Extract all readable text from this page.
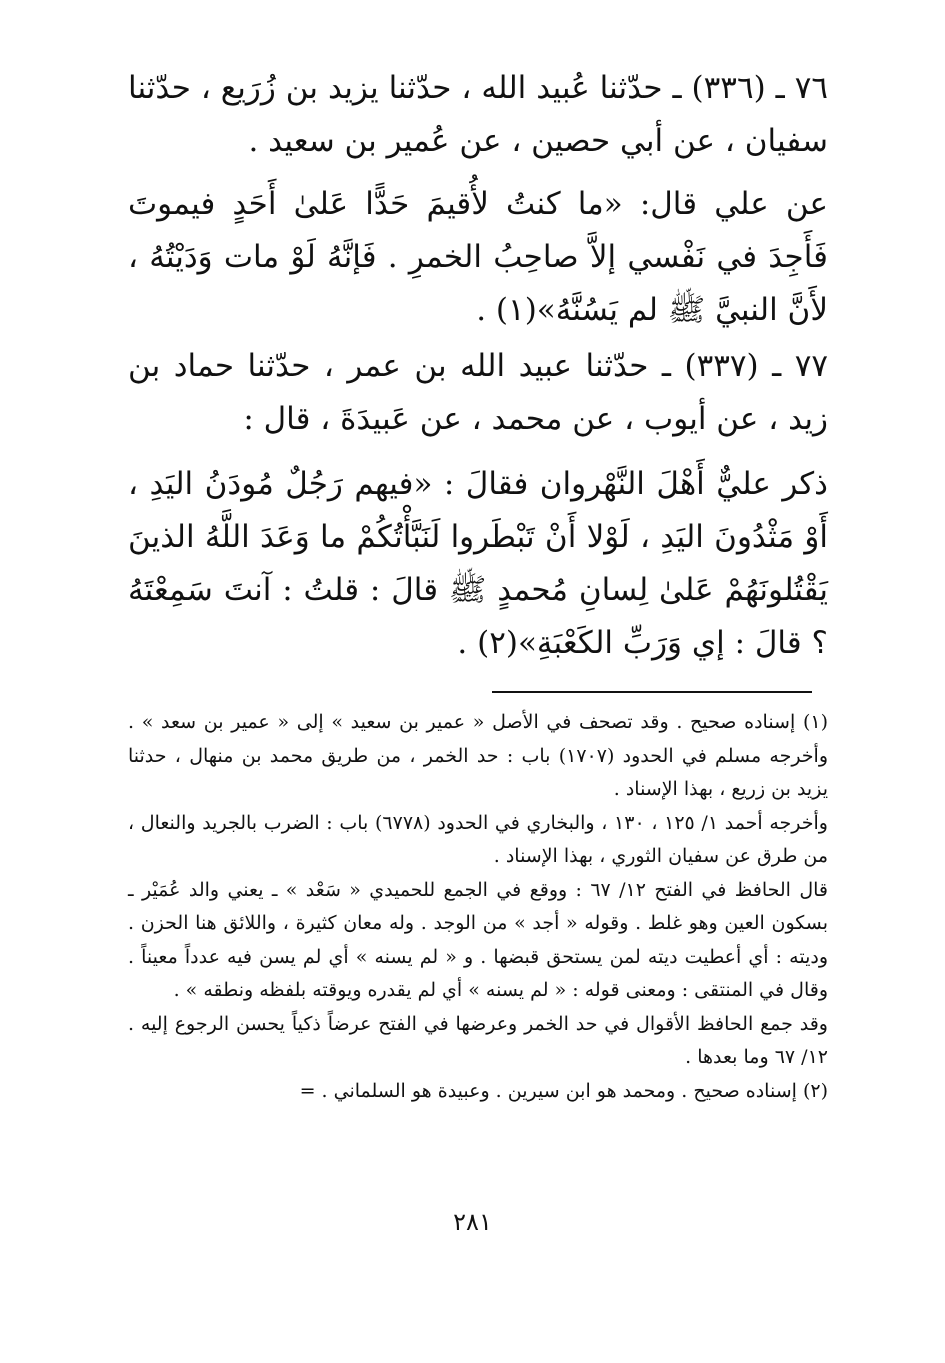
٧٦ ـ (٣٣٦) ـ حدّثنا عُبيد الله ، حدّثنا يزيد بن زُرَيع ، حدّثنا سفيان ، عن أبي حصين ، عن عُمير بن سعيد .

عن علي قال: «ما كنتُ لأُقيمَ حَدًّا عَلىٰ أَحَدٍ فيموتَ فَأَجِدَ في نَفْسي إلاَّ صاحِبُ الخمرِ . فَإنَّهُ لَوْ مات وَدَيْتُهُ ، لأَنَّ النبيَّ ﷺ لم يَسُنَّهُ»(١) .

٧٧ ـ (٣٣٧) ـ حدّثنا عبيد الله بن عمر ، حدّثنا حماد بن زيد ، عن أيوب ، عن محمد ، عن عَبيدَةَ ، قال :

ذكر عليٌّ أَهْلَ النَّهْروان فقالَ : «فيهم رَجُلٌ مُودَنُ اليَدِ ، أَوْ مَثْدُونَ اليَدِ ، لَوْلا أَنْ تَبْطَروا لَنَبَّأْتُكُمْ ما وَعَدَ اللَّهُ الذينَ يَقْتُلونَهُمْ عَلىٰ لِسانِ مُحمدٍ ﷺ قالَ : قلتُ : آنتَ سَمِعْتَهُ ؟ قالَ : إي وَرَبِّ الكَعْبَةِ»(٢) .

(١) إسناده صحيح . وقد تصحف في الأصل « عمير بن سعيد » إلى « عمير بن سعد » . وأخرجه مسلم في الحدود (١٧٠٧) باب : حد الخمر ، من طريق محمد بن منهال ، حدثنا يزيد بن زريع ، بهذا الإسناد .

وأخرجه أحمد ١/ ١٢٥ ، ١٣٠ ، والبخاري في الحدود (٦٧٧٨) باب : الضرب بالجريد والنعال ، من طرق عن سفيان الثوري ، بهذا الإسناد .

قال الحافظ في الفتح ١٢/ ٦٧ : ووقع في الجمع للحميدي « سَعْد » ـ يعني والد عُمَيْر ـ بسكون العين وهو غلط . وقوله « أجد » من الوجد . وله معان كثيرة ، واللائق هنا الحزن . وديته : أي أعطيت ديته لمن يستحق قبضها . و « لم يسنه » أي لم يسن فيه عدداً معيناً . وقال في المنتقى : ومعنى قوله : « لم يسنه » أي لم يقدره ويوقته بلفظه ونطقه » .

وقد جمع الحافظ الأقوال في حد الخمر وعرضها في الفتح عرضاً ذكياً يحسن الرجوع إليه . ١٢/ ٦٧ وما بعدها .

(٢) إسناده صحيح . ومحمد هو ابن سيرين . وعبيدة هو السلماني . =

٢٨١
